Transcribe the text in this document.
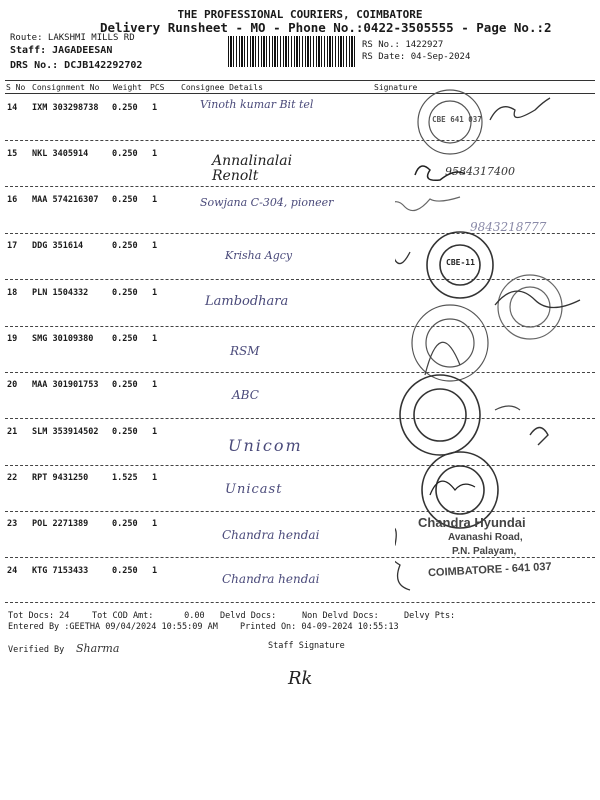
THE PROFESSIONAL COURIERS, COIMBATORE
Delivery Runsheet - MO - Phone No.:0422-3505555 - Page No.:2
Route: LAKSHMI MILLS RD
Staff: JAGADEESAN
DRS No.: DCJB142292702
RS No.: 1422927
RS Date: 04-Sep-2024
S No Consignment No Weight PCS Consignee Details	Signature
14 IXM 303298738 0.250 1	Vinoth kumar Bit tel
15 NKL 3405914	0.250 1	Annalinalai Renolt	9584317400
16 MAA 574216307 0.250 1	Sowjana C-304, pioneer
9843218777
17 DDG 351614	0.250 1
Krisha Agcy
18 PLN 1504332	0.250 1
Lambodhara
19 SMG 30109380 0.250 1
RSM
20 MAA 301901753 0.250 1
ABC
21 SLM 353914502 0.250 1
Unicom
22 RPT 9431250	1.525 1
Unicast
23 POL 2271389	0.250 1
Chandra hendai
24 KTG 7153433	0.250 1
Chandra hendai
CBE 641 037
CBE-11
Chandra Hyundai
Avanashi Road,
P.N. Palayam,
COIMBATORE - 641 037
Tot Docs: 24	Tot COD Amt:      0.00 Delvd Docs:	Non Delvd Docs:	Delvy Pts:
Entered By :GEETHA 09/04/2024 10:55:09 AM	Printed On: 04-09-2024 10:55:13
Verified By Sharma	Staff Signature
Rk
